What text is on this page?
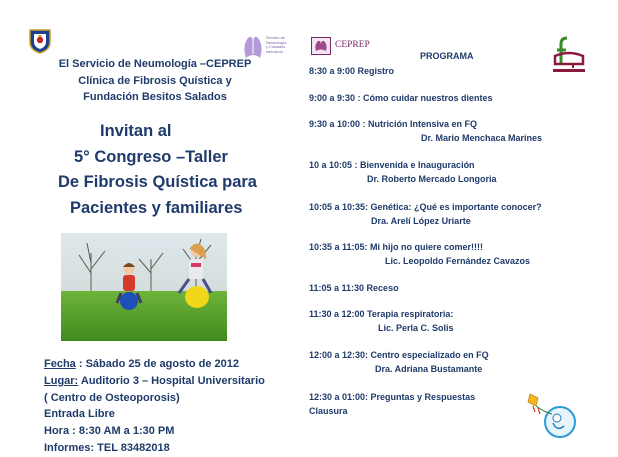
El Servicio de Neumología –CEPREP
Clínica de Fibrosis Quística y
Fundación Besitos Salados
Invitan al
5° Congreso –Taller
De Fibrosis Quística para
Pacientes y familiares
Fecha : Sábado 25 de agosto de 2012
Lugar: Auditorio 3 – Hospital Universitario
( Centro de Osteoporosis)
Entrada Libre
Hora : 8:30 AM a 1:30 PM
Informes: TEL 83482018
Servicio de
Neumología
y Cuidados
Intensivos
CEPREP
PROGRAMA
8:30 a 9:00 Registro
9:00 a 9:30 : Cómo cuidar nuestros dientes
9:30 a 10:00 : Nutrición Intensiva en FQ
Dr. Mario Menchaca Marines
10 a 10:05 : Bienvenida e Inauguración
Dr. Roberto Mercado Longoria
10:05 a 10:35: Genética: ¿Qué es importante conocer?
Dra. Arelí López Uriarte
10:35 a 11:05: Mi hijo no quiere comer!!!!
Lic. Leopoldo Fernández Cavazos
11:05 a 11:30 Receso
11:30 a 12:00 Terapia respiratoria:
Lic. Perla C. Solis
12:00 a 12:30: Centro especializado en FQ
Dra. Adriana Bustamante
12:30 a 01:00: Preguntas y Respuestas
Clausura
